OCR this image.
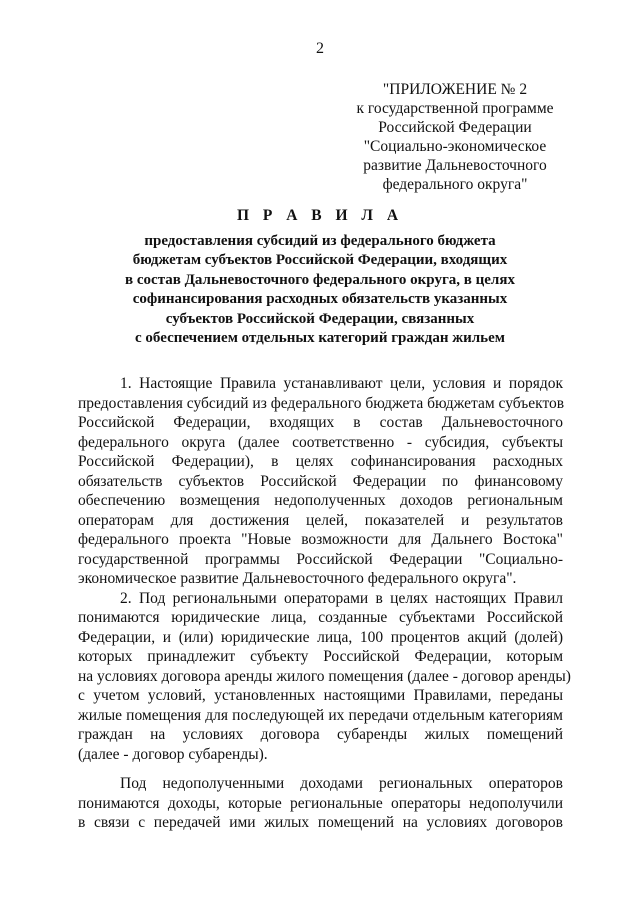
2
"ПРИЛОЖЕНИЕ № 2
к государственной программе
Российской Федерации
"Социально-экономическое
развитие Дальневосточного
федерального округа"
П Р А В И Л А
предоставления субсидий из федерального бюджета
бюджетам субъектов Российской Федерации, входящих
в состав Дальневосточного федерального округа, в целях
софинансирования расходных обязательств указанных
субъектов Российской Федерации, связанных
с обеспечением отдельных категорий граждан жильем
1. Настоящие Правила устанавливают цели, условия и порядок
предоставления субсидий из федерального бюджета бюджетам субъектов
Российской Федерации, входящих в состав Дальневосточного
федерального округа (далее соответственно - субсидия, субъекты
Российской Федерации), в целях софинансирования расходных
обязательств субъектов Российской Федерации по финансовому
обеспечению возмещения недополученных доходов региональным
операторам для достижения целей, показателей и результатов
федерального проекта "Новые возможности для Дальнего Востока"
государственной программы Российской Федерации "Социально-
экономическое развитие Дальневосточного федерального округа".
2. Под региональными операторами в целях настоящих Правил
понимаются юридические лица, созданные субъектами Российской
Федерации, и (или) юридические лица, 100 процентов акций (долей)
которых принадлежит субъекту Российской Федерации, которым
на условиях договора аренды жилого помещения (далее - договор аренды)
с учетом условий, установленных настоящими Правилами, переданы
жилые помещения для последующей их передачи отдельным категориям
граждан на условиях договора субаренды жилых помещений
(далее - договор субаренды).
Под недополученными доходами региональных операторов
понимаются доходы, которые региональные операторы недополучили
в связи с передачей ими жилых помещений на условиях договоров
